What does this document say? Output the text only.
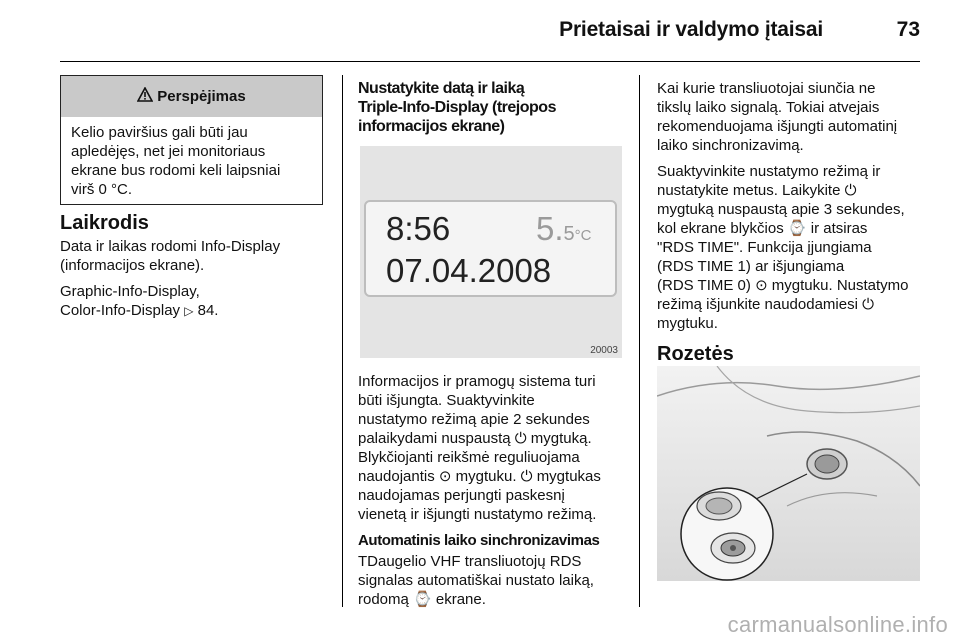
Prietaisai ir valdymo įtaisai	73
Perspėjimas
Kelio paviršius gali būti jau
apledėjęs, net jei monitoriaus
ekrane bus rodomi keli laipsniai
virš 0 °C.
Laikrodis

Data ir laikas rodomi Info-Display
(informacijos ekrane).

Graphic-Info-Display,
Color-Info-Display ▷ 84.

Nustatykite datą ir laiką
Triple-Info-Display (trejopos
informacijos ekrane)
8:56	5.5°C
07.04.2008
20003

Informacijos ir pramogų sistema turi
būti išjungta. Suaktyvinkite
nustatymo režimą apie 2 sekundes
palaikydami nuspaustą ⏻ mygtuką.
Blykčiojanti reikšmė reguliuojama
naudojantis ⊙ mygtuku. ⏻ mygtukas
naudojamas perjungti paskesnį
vienetą ir išjungti nustatymo režimą.

Automatinis laiko sinchronizavimas

TDaugelio VHF transliuotojų RDS
signalas automatiškai nustato laiką,
rodomą ⌚ ekrane.

Kai kurie transliuotojai siunčia ne
tikslų laiko signalą. Tokiai atvejais
rekomenduojama išjungti automatinį
laiko sinchronizavimą.

Suaktyvinkite nustatymo režimą ir
nustatykite metus. Laikykite ⏻
mygtuką nuspaustą apie 3 sekundes,
kol ekrane blykčios ⌚ ir atsiras
"RDS TIME". Funkcija įjungiama
(RDS TIME 1) ar išjungiama
(RDS TIME 0) ⊙ mygtuku. Nustatymo
režimą išjunkite naudodamiesi ⏻
mygtuku.

Rozetės
carmanualsonline.info
